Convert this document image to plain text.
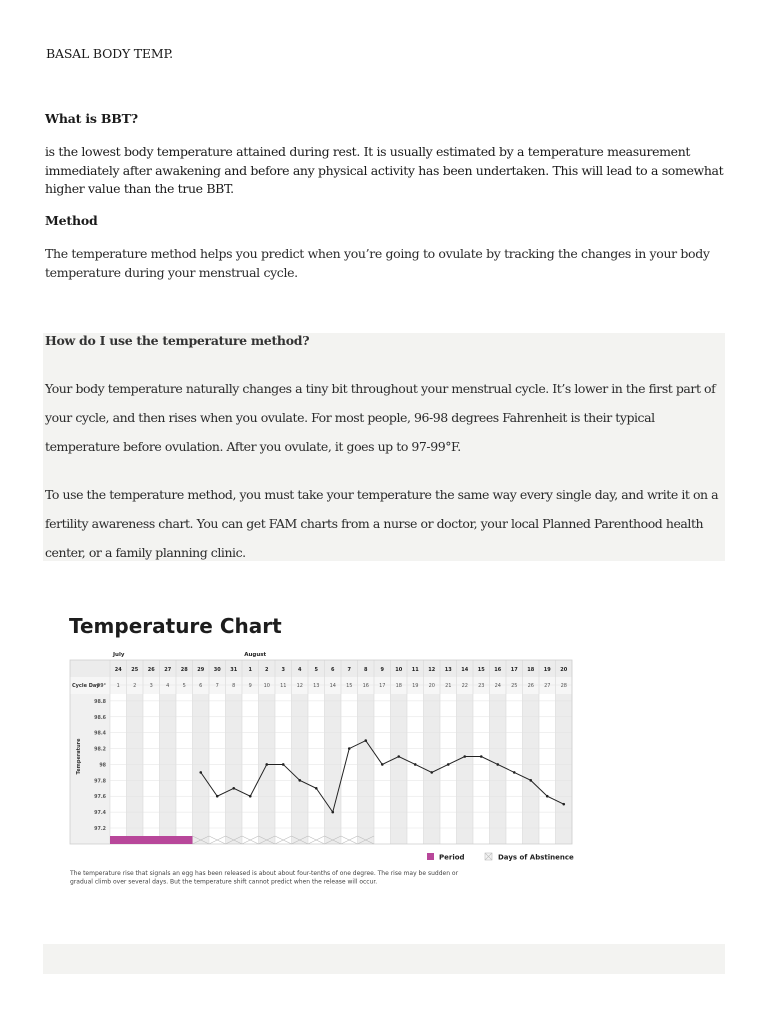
BASAL BODY TEMP.
What is BBT?
is the lowest body temperature attained during rest. It is usually estimated by a temperature measurement
immediately after awakening and before any physical activity has been undertaken. This will lead to a somewhat
higher value than the true BBT.
Method
The temperature method helps you predict when you’re going to ovulate by tracking the changes in your body
temperature during your menstrual cycle.
How do I use the temperature method?
Your body temperature naturally changes a tiny bit throughout your menstrual cycle. It’s lower in the first part of
your cycle, and then rises when you ovulate. For most people, 96-98 degrees Fahrenheit is their typical
temperature before ovulation. After you ovulate, it goes up to 97-99°F.
To use the temperature method, you must take your temperature the same way every single day, and write it on a
fertility awareness chart. You can get FAM charts from a nurse or doctor, your local Planned Parenthood health
center, or a family planning clinic.
Temperature Chart
July	August
Cycle Day
24 25 26 27 28 29 30 31 1	2	3	4	5	6	7	8	9 10 11 12 13 14 15 16 17 18 19 20
1	2	3	4	5	6	7	8	9 10 11 12 13 14 15 16 17 18 19 20 21 22 23 24 25 26 27 28
99°
98.8
98.6
98.4
98.2
98
97.8
97.6
97.4
97.2
Temperature
Period	Days of Abstinence
The temperature rise that signals an egg has been released is about about four-tenths of one degree. The rise may be sudden or
gradual climb over several days. But the temperature shift cannot predict when the release will occur.
